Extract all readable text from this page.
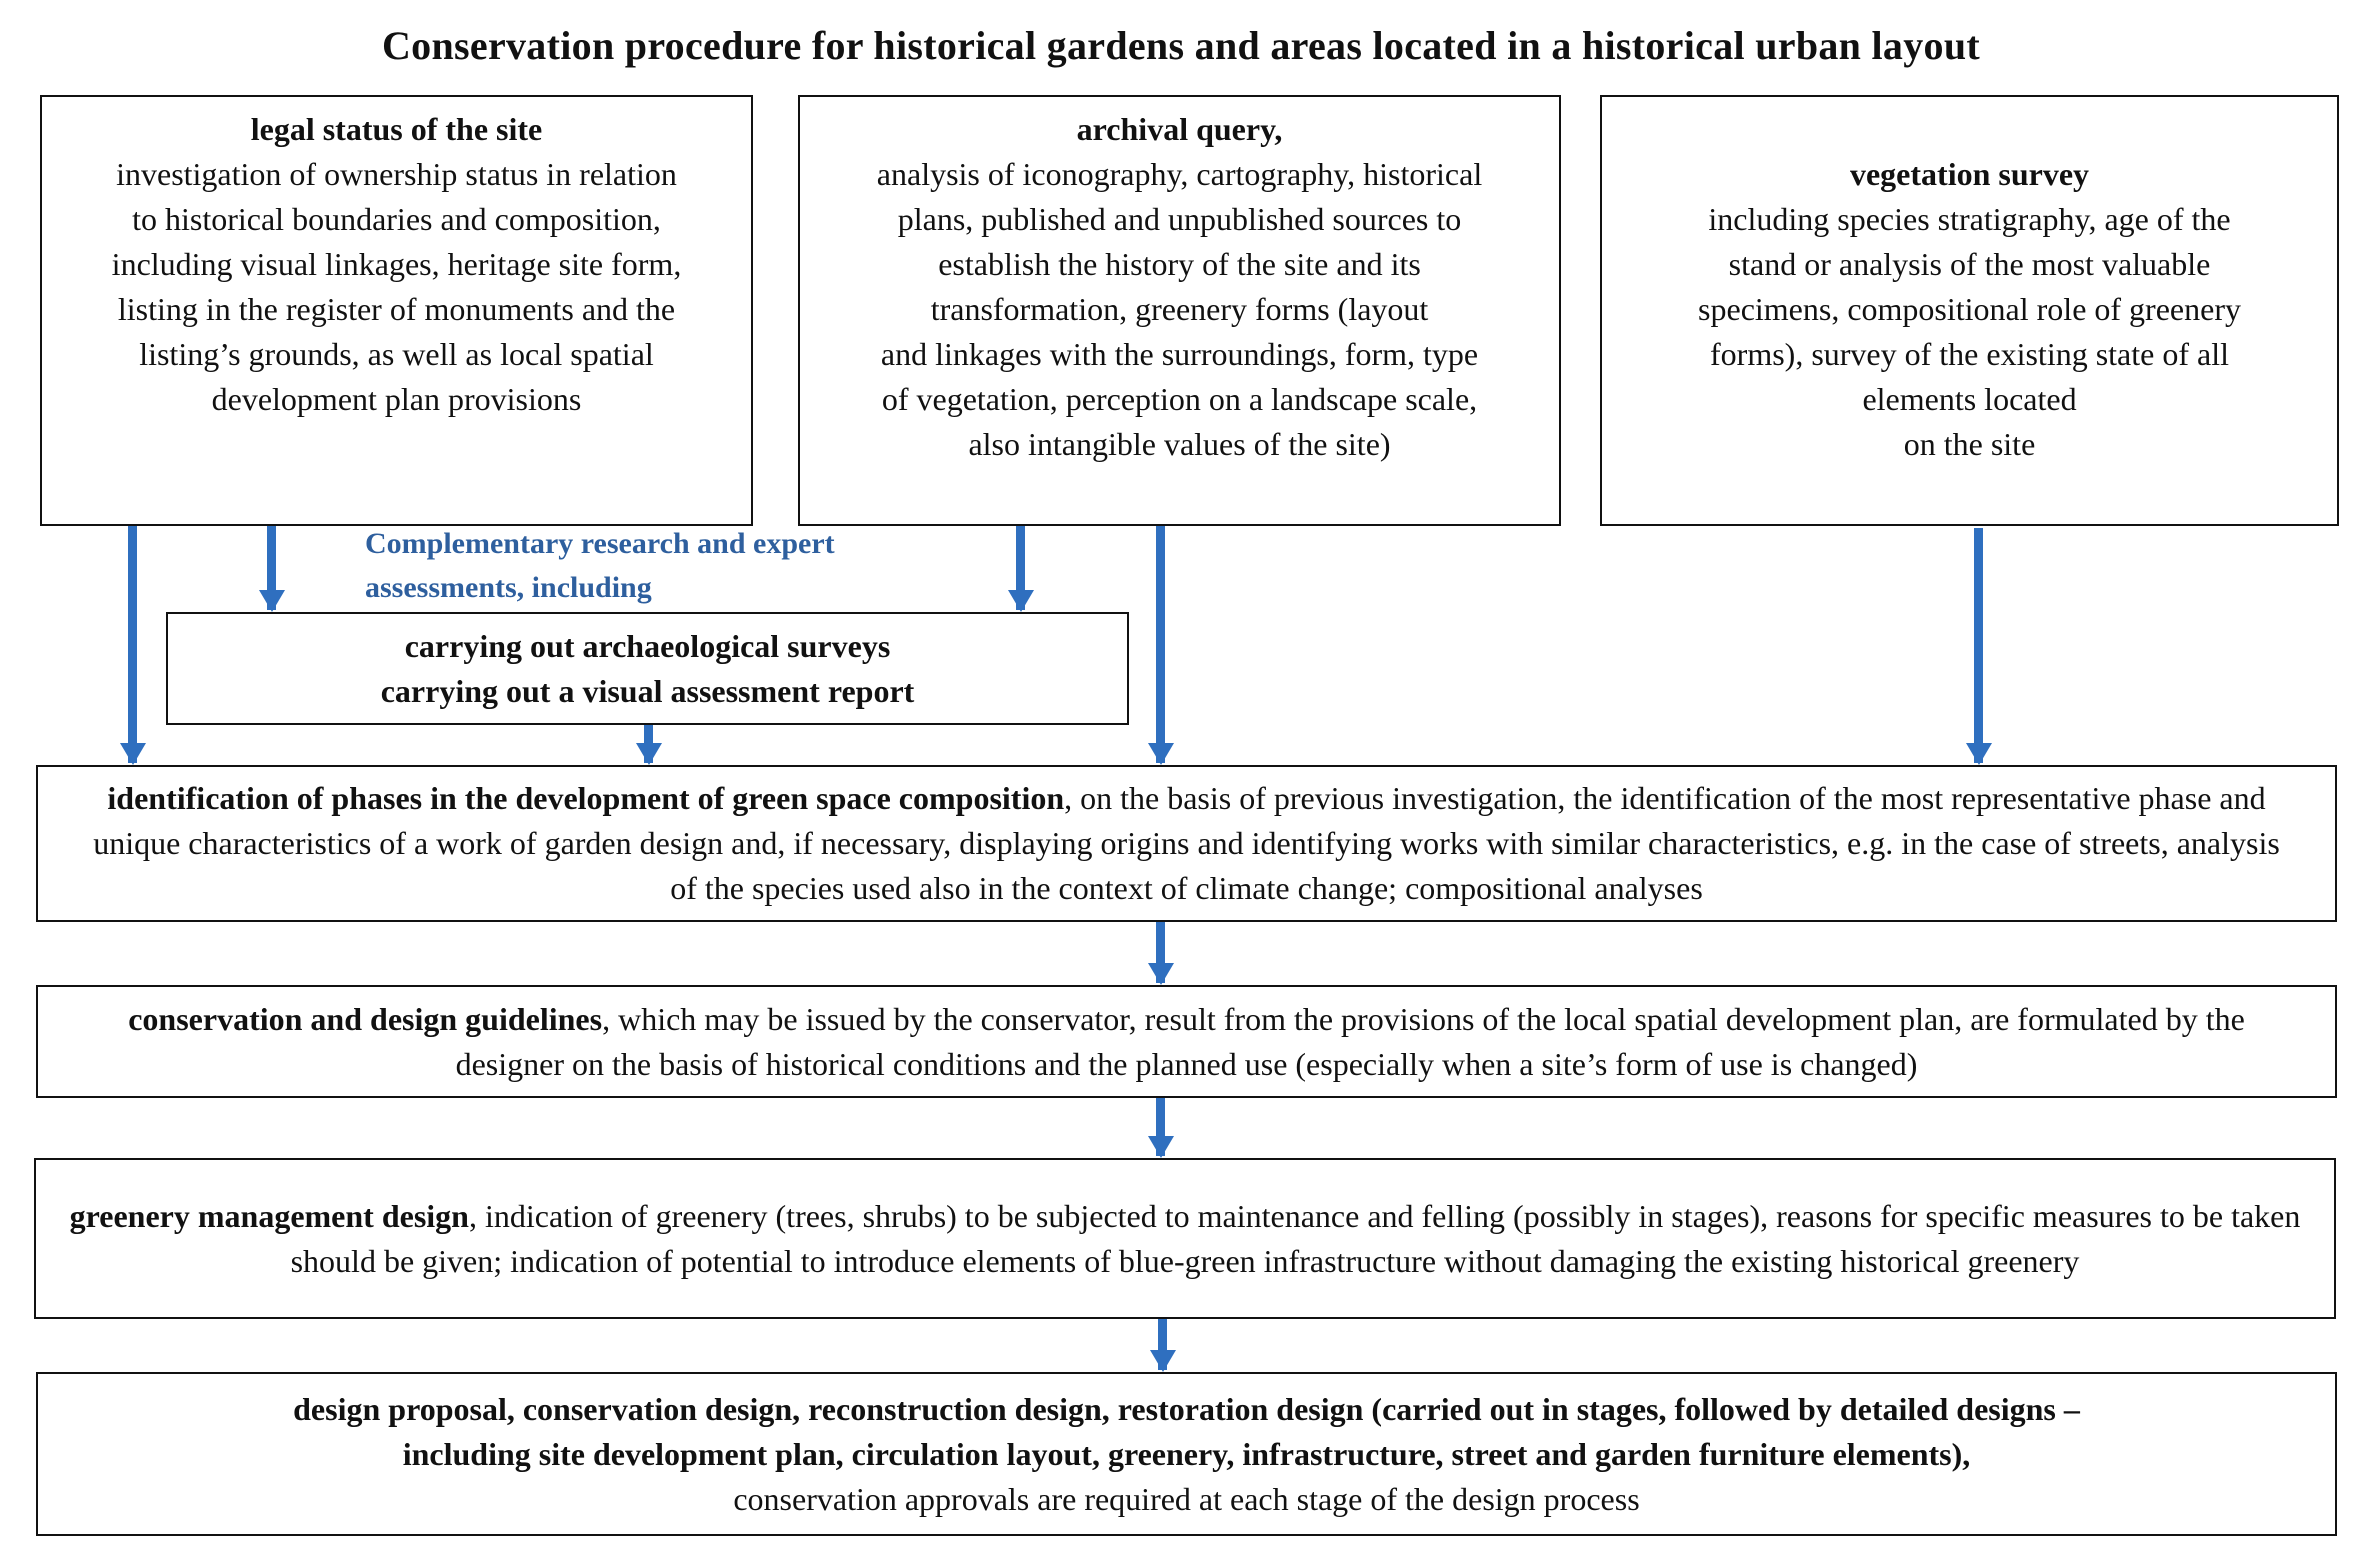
Conservation procedure for historical gardens and areas located in a historical urban layout
legal status of the site
investigation of ownership status in relation
to historical boundaries and composition,
including visual linkages, heritage site form,
listing in the register of monuments and the
listing’s grounds, as well as local spatial
development plan provisions
archival query,
analysis of iconography, cartography, historical
plans, published and unpublished sources to
establish the history of the site and its
transformation, greenery forms (layout
and linkages with the surroundings, form, type
of vegetation, perception on a landscape scale,
also intangible values of the site)
vegetation survey
including species stratigraphy, age of the
stand or analysis of the most valuable
specimens, compositional role of greenery
forms), survey of the existing state of all
elements located
on the site
Complementary research and expert
assessments, including
carrying out archaeological surveys
carrying out a visual assessment report
identification of phases in the development of green space composition, on the basis of previous investigation, the identification of the most representative phase and unique characteristics of a work of garden design and, if necessary, displaying origins and identifying works with similar characteristics, e.g. in the case of streets, analysis of the species used also in the context of climate change; compositional analyses
conservation and design guidelines, which may be issued by the conservator, result from the provisions of the local spatial development plan, are formulated by the designer on the basis of historical conditions and the planned use (especially when a site’s form of use is changed)
greenery management design, indication of greenery (trees, shrubs) to be subjected to maintenance and felling (possibly in stages), reasons for specific measures to be taken should be given; indication of potential to introduce elements of blue-green infrastructure without damaging the existing historical greenery
design proposal, conservation design, reconstruction design, restoration design (carried out in stages, followed by detailed designs –
including site development plan, circulation layout, greenery, infrastructure, street and garden furniture elements),
conservation approvals are required at each stage of the design process
